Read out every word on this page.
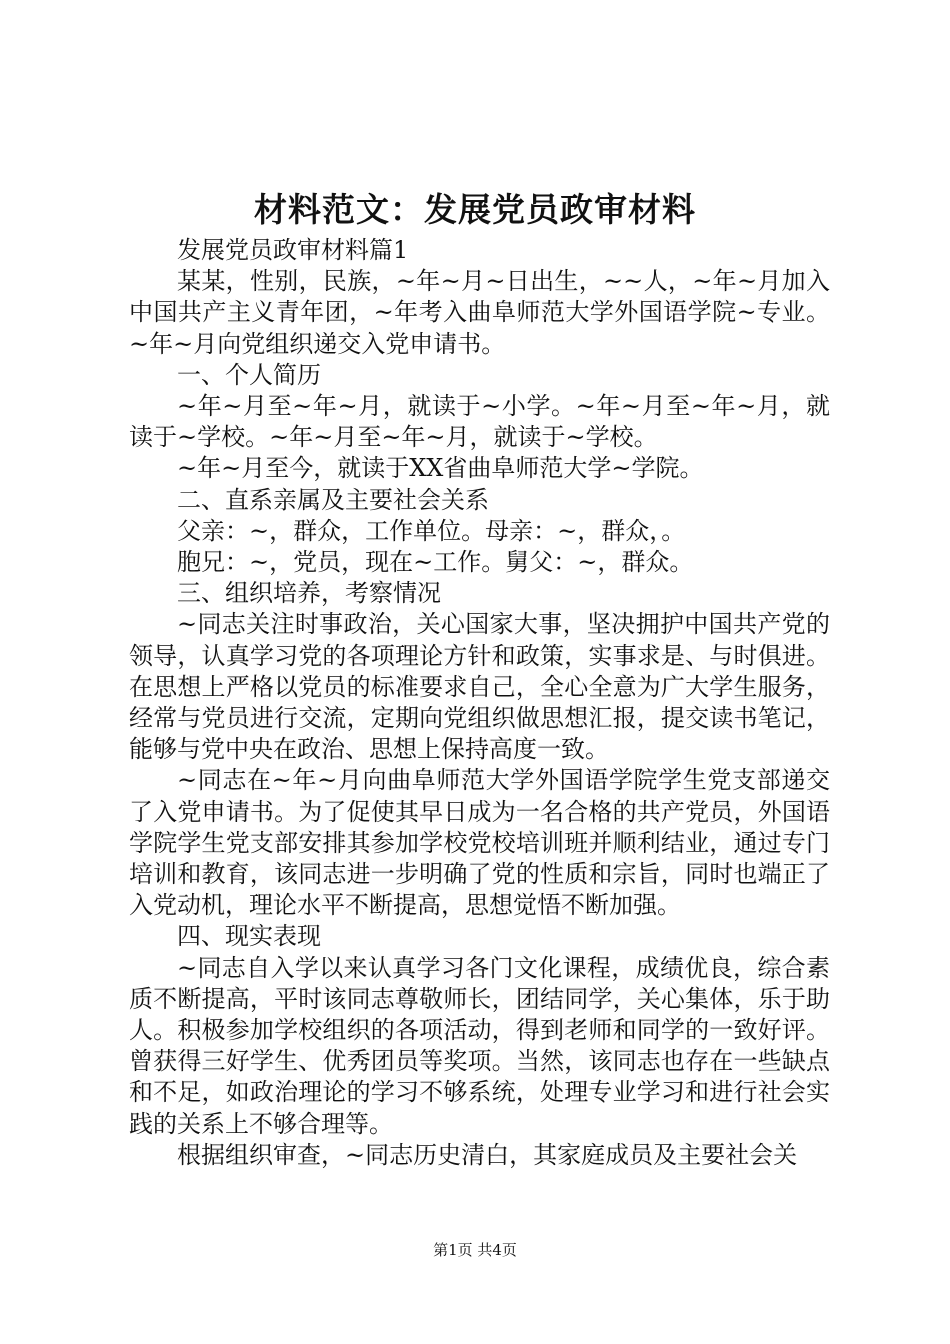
材料范文：发展党员政审材料

发展党员政审材料篇1

某某，性别，民族，~年~月~日出生，~~人，~年~月加入中国共产主义青年团，~年考入曲阜师范大学外国语学院~专业。~年~月向党组织递交入党申请书。

一、个人简历

~年~月至~年~月，就读于~小学。~年~月至~年~月，就读于~学校。~年~月至~年~月，就读于~学校。

~年~月至今，就读于XX省曲阜师范大学~学院。

二、直系亲属及主要社会关系

父亲：~，群众，工作单位。母亲：~，群众，。

胞兄：~，党员，现在~工作。舅父：~，群众。

三、组织培养，考察情况

~同志关注时事政治，关心国家大事，坚决拥护中国共产党的领导，认真学习党的各项理论方针和政策，实事求是、与时俱进。在思想上严格以党员的标准要求自己，全心全意为广大学生服务，经常与党员进行交流，定期向党组织做思想汇报，提交读书笔记，能够与党中央在政治、思想上保持高度一致。

~同志在~年~月向曲阜师范大学外国语学院学生党支部递交了入党申请书。为了促使其早日成为一名合格的共产党员，外国语学院学生党支部安排其参加学校党校培训班并顺利结业，通过专门培训和教育，该同志进一步明确了党的性质和宗旨，同时也端正了入党动机，理论水平不断提高，思想觉悟不断加强。

四、现实表现

~同志自入学以来认真学习各门文化课程，成绩优良，综合素质不断提高，平时该同志尊敬师长，团结同学，关心集体，乐于助人。积极参加学校组织的各项活动，得到老师和同学的一致好评。曾获得三好学生、优秀团员等奖项。当然，该同志也存在一些缺点和不足，如政治理论的学习不够系统，处理专业学习和进行社会实践的关系上不够合理等。

根据组织审查，~同志历史清白，其家庭成员及主要社会关

第1页 共4页
